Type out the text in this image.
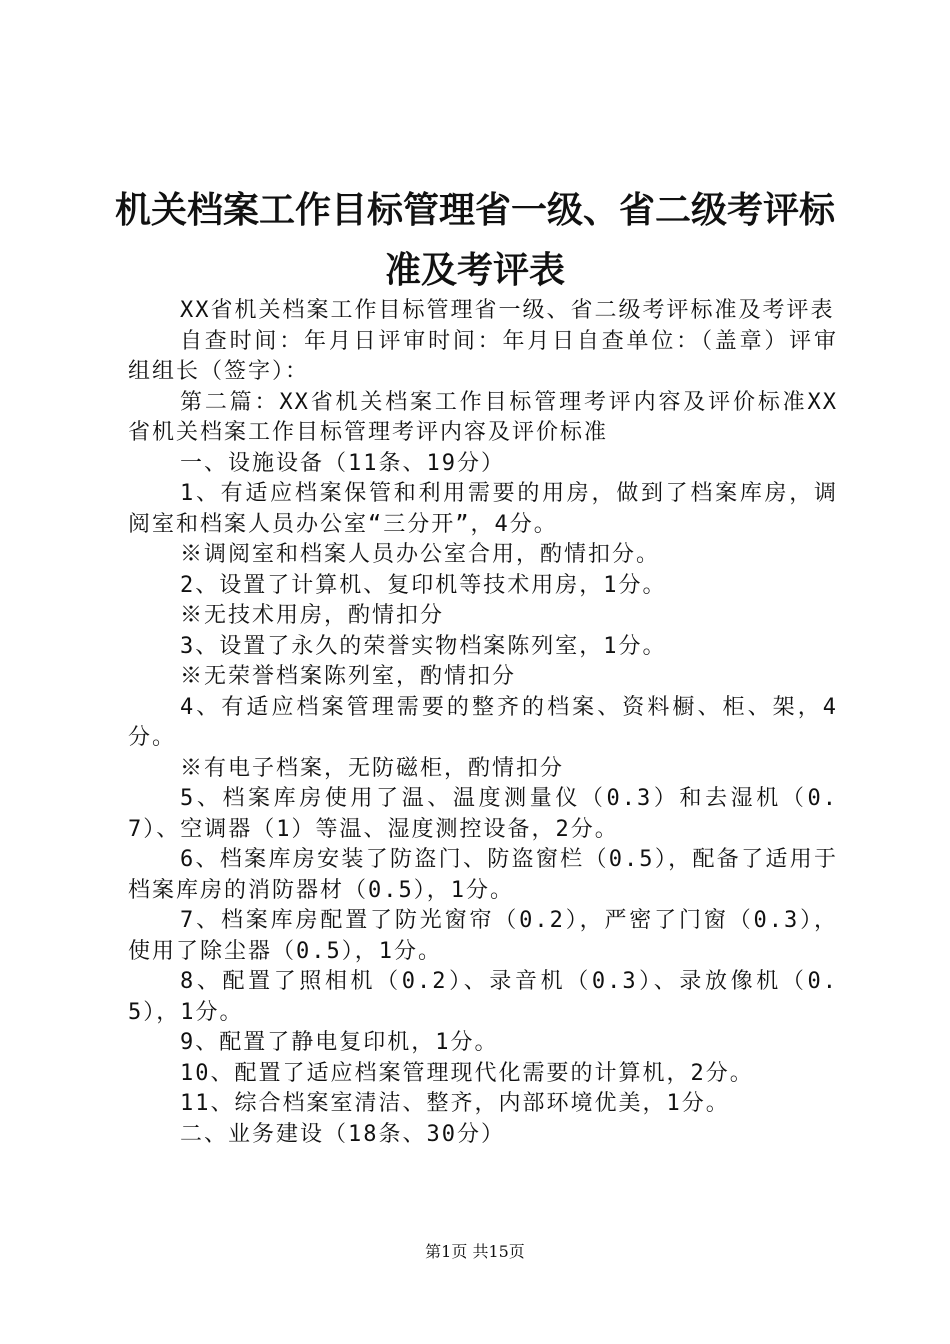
机关档案工作目标管理省一级、省二级考评标
准及考评表

XX省机关档案工作目标管理省一级、省二级考评标准及考评表

自查时间：年月日评审时间：年月日自查单位：（盖章）评审组组长（签字）：

第二篇：XX省机关档案工作目标管理考评内容及评价标准XX省机关档案工作目标管理考评内容及评价标准

一、设施设备（11条、19分）

1、有适应档案保管和利用需要的用房，做到了档案库房，调阅室和档案人员办公室“三分开”，4分。

※调阅室和档案人员办公室合用，酌情扣分。

2、设置了计算机、复印机等技术用房，1分。

※无技术用房，酌情扣分

3、设置了永久的荣誉实物档案陈列室，1分。

※无荣誉档案陈列室，酌情扣分

4、有适应档案管理需要的整齐的档案、资料橱、柜、架，4分。

※有电子档案，无防磁柜，酌情扣分

5、档案库房使用了温、温度测量仪（0.3）和去湿机（0.7）、空调器（1）等温、湿度测控设备，2分。

6、档案库房安装了防盗门、防盗窗栏（0.5），配备了适用于档案库房的消防器材（0.5），1分。

7、档案库房配置了防光窗帘（0.2），严密了门窗（0.3），使用了除尘器（0.5），1分。

8、配置了照相机（0.2）、录音机（0.3）、录放像机（0.5），1分。

9、配置了静电复印机，1分。

10、配置了适应档案管理现代化需要的计算机，2分。

11、综合档案室清洁、整齐，内部环境优美，1分。

二、业务建设（18条、30分）

第1页 共15页
